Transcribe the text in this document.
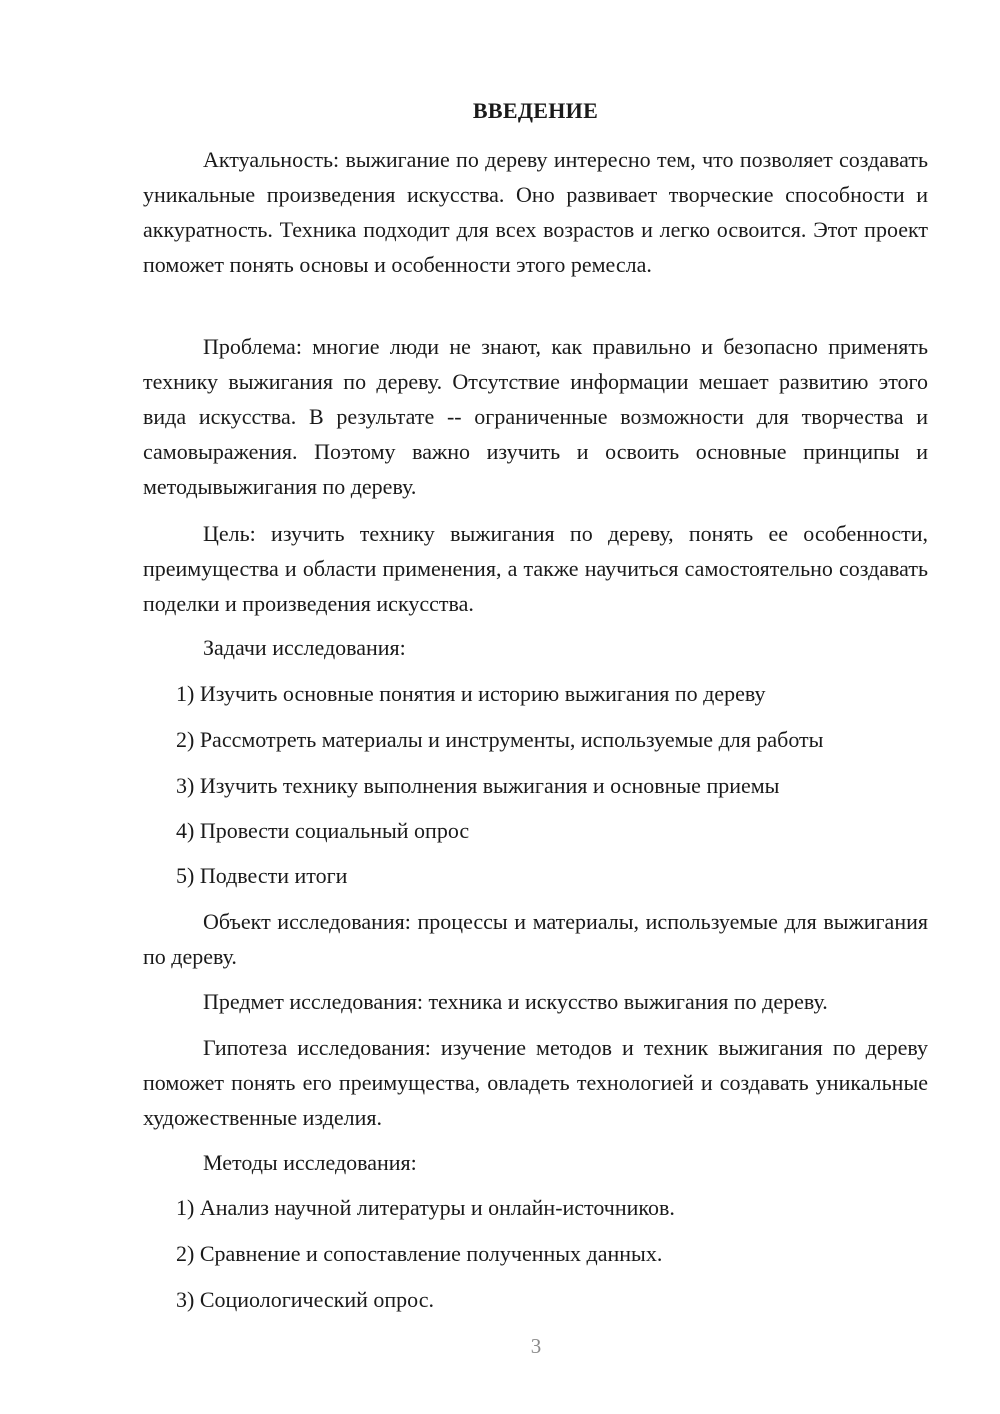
ВВЕДЕНИЕ

Актуальность: выжигание по дереву интересно тем, что позволяет создавать уникальные произведения искусства. Оно развивает творческие способности и аккуратность. Техника подходит для всех возрастов и легко освоится. Этот проект поможет понять основы и особенности этого ремесла.

Проблема: многие люди не знают, как правильно и безопасно применять технику выжигания по дереву. Отсутствие информации мешает развитию этого вида искусства. В результате -- ограниченные возможности для творчества и самовыражения. Поэтому важно изучить и освоить основные принципы и методывыжигания по дереву.

Цель: изучить технику выжигания по дереву, понять ее особенности, преимущества и области применения, а также научиться самостоятельно создавать поделки и произведения искусства.

Задачи исследования:

1) Изучить основные понятия и историю выжигания по дереву

2) Рассмотреть материалы и инструменты, используемые для работы

3) Изучить технику выполнения выжигания и основные приемы

4) Провести социальный опрос

5) Подвести итоги

Объект исследования: процессы и материалы, используемые для выжигания по дереву.

Предмет исследования: техника и искусство выжигания по дереву.

Гипотеза исследования: изучение методов и техник выжигания по дереву поможет понять его преимущества, овладеть технологией и создавать уникальные художественные изделия.

Методы исследования:

1) Анализ научной литературы и онлайн-источников.

2) Сравнение и сопоставление полученных данных.

3) Социологический опрос.

3
